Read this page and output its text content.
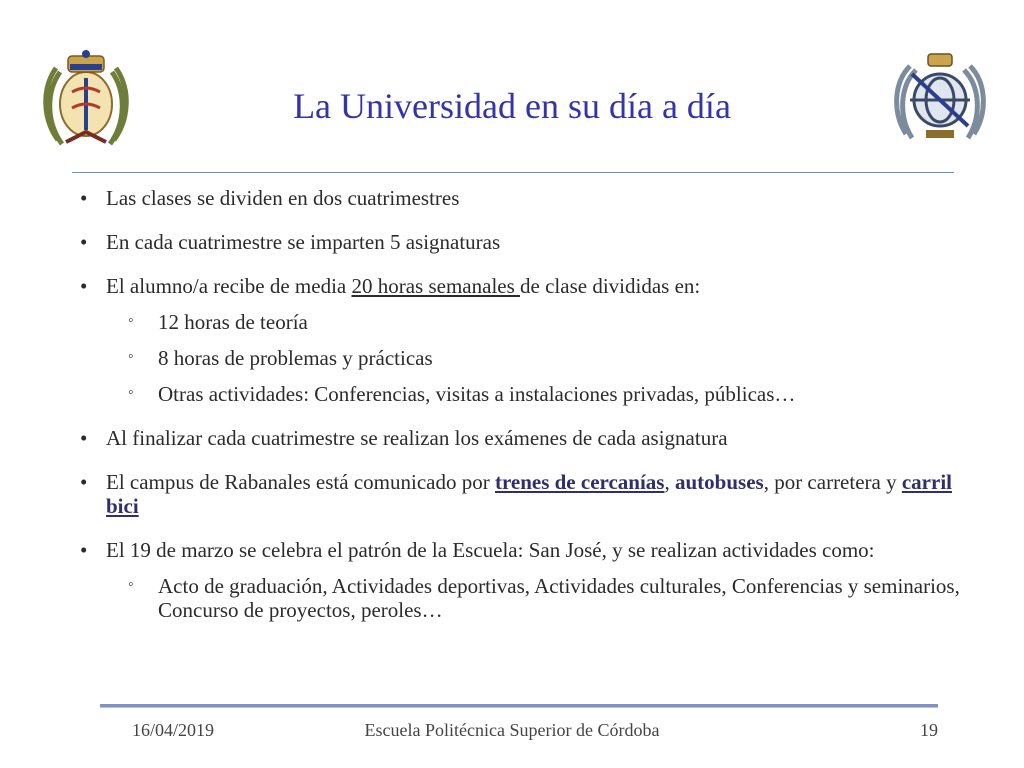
La Universidad en su día a día
• Las clases se dividen en dos cuatrimestres
• En cada cuatrimestre se imparten 5 asignaturas
• El alumno/a recibe de media 20 horas semanales de clase divididas en:
◦ 12 horas de teoría
◦ 8 horas de problemas y prácticas
◦ Otras actividades: Conferencias, visitas a instalaciones privadas, públicas…
• Al finalizar cada cuatrimestre se realizan los exámenes de cada asignatura
• El campus de Rabanales está comunicado por trenes de cercanías, autobuses, por carretera y carril bici
• El 19 de marzo se celebra el patrón de la Escuela: San José, y se realizan actividades como:
◦ Acto de graduación, Actividades deportivas, Actividades culturales, Conferencias y seminarios, Concurso de proyectos, peroles…
16/04/2019	Escuela Politécnica Superior de Córdoba	19
